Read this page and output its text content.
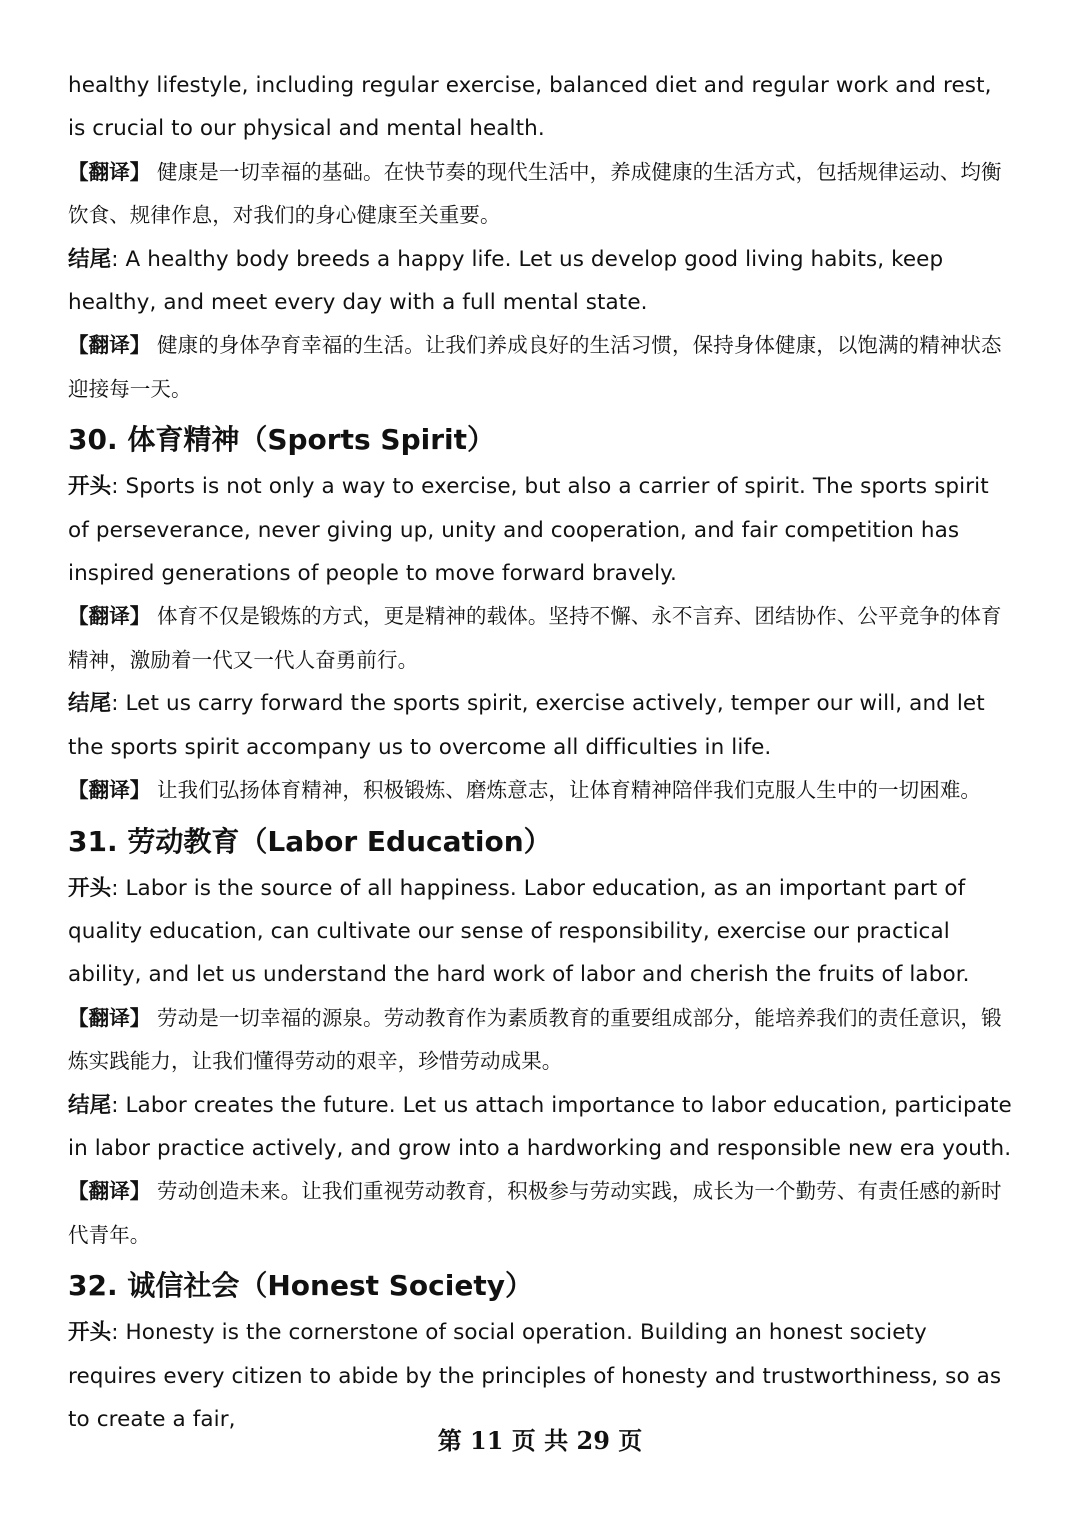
healthy lifestyle, including regular exercise, balanced diet and regular work and rest, is crucial to our physical and mental health.

【翻译】 健康是一切幸福的基础。在快节奏的现代生活中，养成健康的生活方式，包括规律运动、均衡饮食、规律作息，对我们的身心健康至关重要。

结尾: A healthy body breeds a happy life. Let us develop good living habits, keep healthy, and meet every day with a full mental state.

【翻译】 健康的身体孕育幸福的生活。让我们养成良好的生活习惯，保持身体健康，以饱满的精神状态迎接每一天。

30. 体育精神（Sports Spirit）

开头: Sports is not only a way to exercise, but also a carrier of spirit. The sports spirit of perseverance, never giving up, unity and cooperation, and fair competition has inspired generations of people to move forward bravely.

【翻译】 体育不仅是锻炼的方式，更是精神的载体。坚持不懈、永不言弃、团结协作、公平竞争的体育精神，激励着一代又一代人奋勇前行。

结尾: Let us carry forward the sports spirit, exercise actively, temper our will, and let the sports spirit accompany us to overcome all difficulties in life.

【翻译】 让我们弘扬体育精神，积极锻炼、磨炼意志，让体育精神陪伴我们克服人生中的一切困难。

31. 劳动教育（Labor Education）

开头: Labor is the source of all happiness. Labor education, as an important part of quality education, can cultivate our sense of responsibility, exercise our practical ability, and let us understand the hard work of labor and cherish the fruits of labor.

【翻译】 劳动是一切幸福的源泉。劳动教育作为素质教育的重要组成部分，能培养我们的责任意识，锻炼实践能力，让我们懂得劳动的艰辛，珍惜劳动成果。

结尾: Labor creates the future. Let us attach importance to labor education, participate in labor practice actively, and grow into a hardworking and responsible new era youth.

【翻译】 劳动创造未来。让我们重视劳动教育，积极参与劳动实践，成长为一个勤劳、有责任感的新时代青年。

32. 诚信社会（Honest Society）

开头: Honesty is the cornerstone of social operation. Building an honest society requires every citizen to abide by the principles of honesty and trustworthiness, so as to create a fair,

第 11 页 共 29 页
